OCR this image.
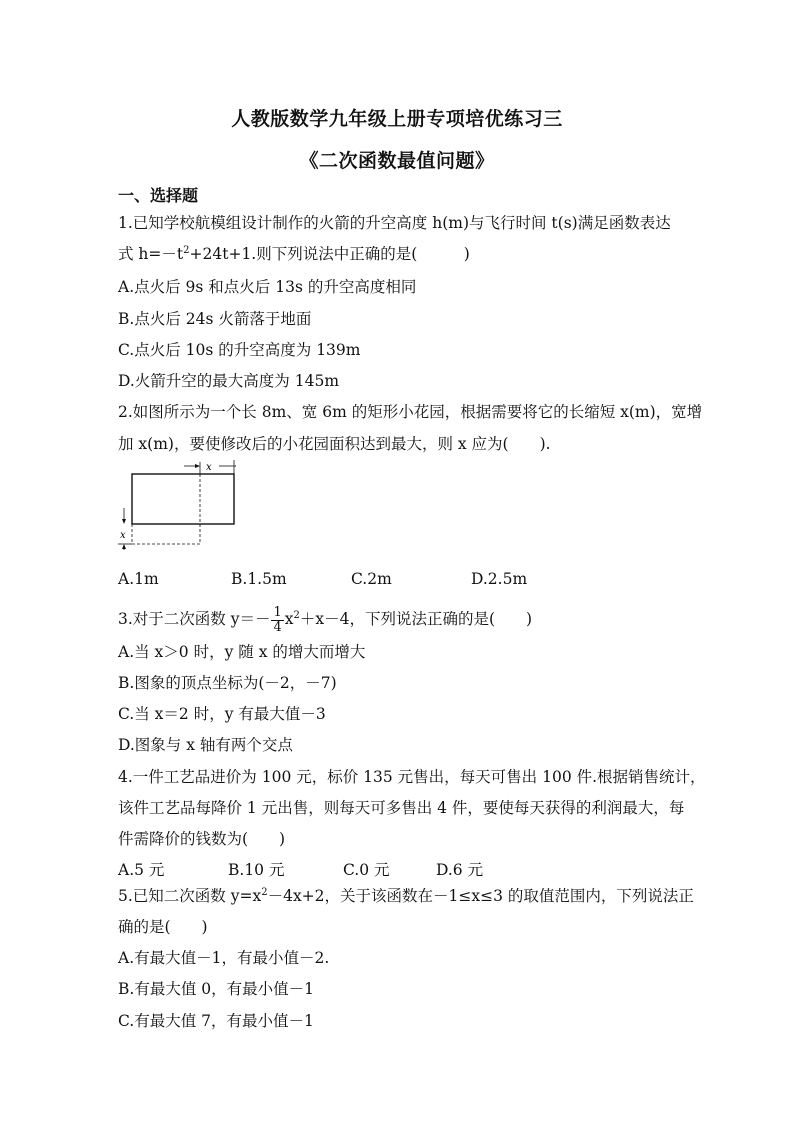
人教版数学九年级上册专项培优练习三
《二次函数最值问题》
一、选择题
1.已知学校航模组设计制作的火箭的升空高度 h(m)与飞行时间 t(s)满足函数表达
式 $h=-t^2+24t+1$.则下列说法中正确的是(　　　)
A.点火后 9s 和点火后 13s 的升空高度相同
B.点火后 24s 火箭落于地面
C.点火后 10s 的升空高度为 139m
D.火箭升空的最大高度为 145m
2.如图所示为一个长 8m、宽 6m 的矩形小花园，根据需要将它的长缩短 x(m)，宽增
加 x(m)，要使修改后的小花园面积达到最大，则 x 应为(　　).
x
x
A.1m	B.1.5m	C.2m	D.2.5m
3.对于二次函数 $y=- \frac{1}{4} x^2+x-4$，下列说法正确的是(　　)
A.当 x＞0 时，y 随 x 的增大而增大
B.图象的顶点坐标为(－2，－7)
C.当 x＝2 时，y 有最大值－3
D.图象与 x 轴有两个交点
4.一件工艺品进价为 100 元，标价 135 元售出，每天可售出 100 件.根据销售统计，
该件工艺品每降价 1 元出售，则每天可多售出 4 件，要使每天获得的利润最大，每
件需降价的钱数为(　　)
A.5 元	B.10 元	C.0 元	D.6 元
5.已知二次函数 $y=x^2-4x+2$，关于该函数在－1≤x≤3 的取值范围内，下列说法正
确的是(　　)
A.有最大值－1，有最小值－2.
B.有最大值 0，有最小值－1
C.有最大值 7，有最小值－1
